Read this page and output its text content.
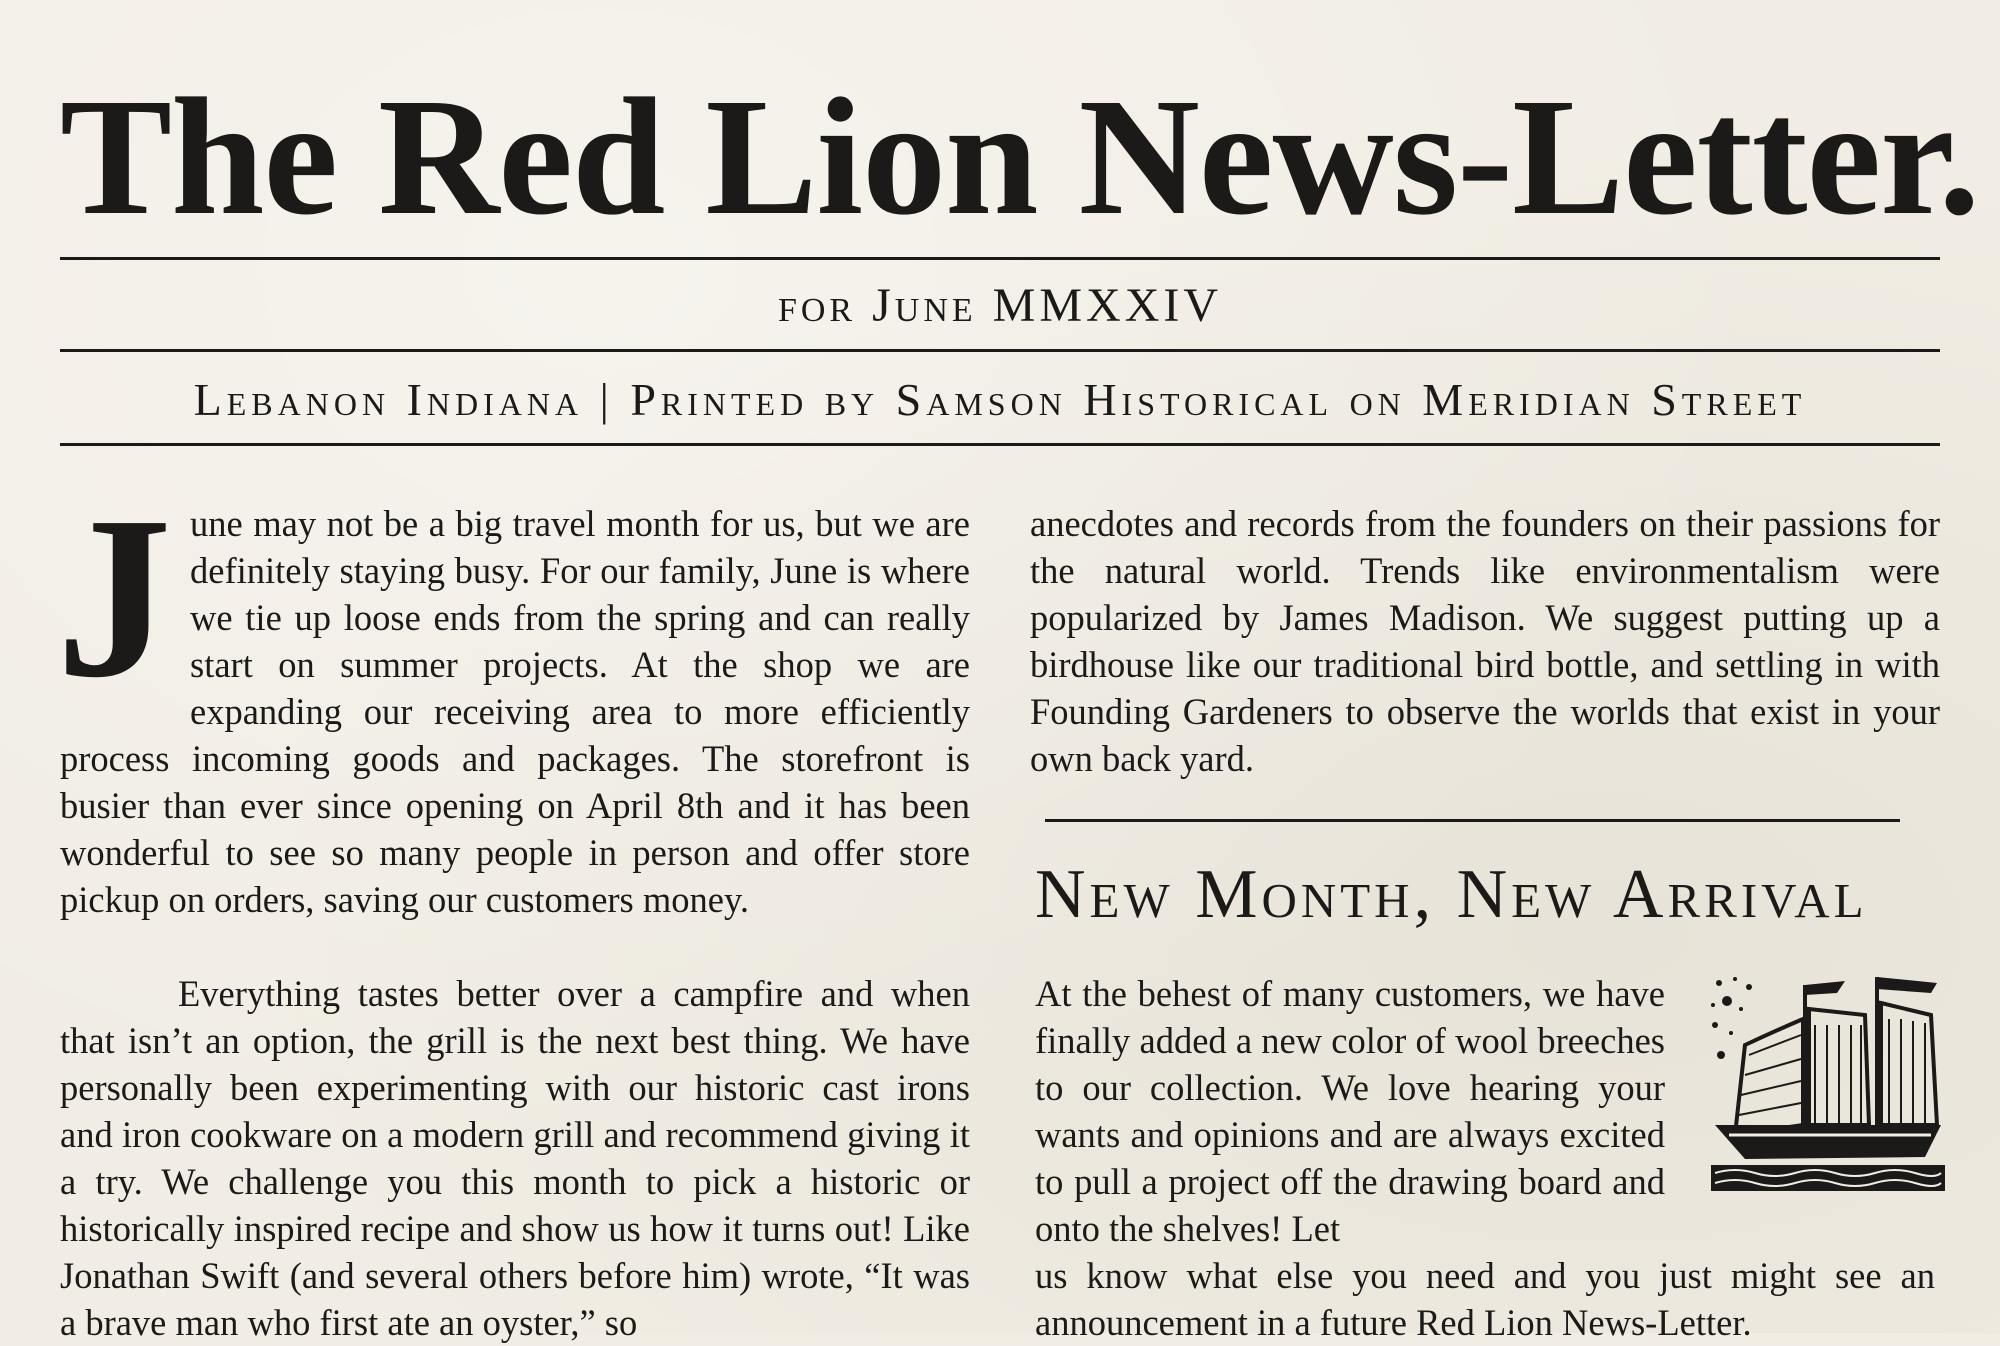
The Red Lion News-Letter.
for June MMXXIV
Lebanon Indiana | Printed by Samson Historical on Meridian Street

June may not be a big travel month for us, but we are definitely staying busy. For our family, June is where we tie up loose ends from the spring and can really start on summer projects. At the shop we are expanding our receiving area to more efficiently process incoming goods and packages. The storefront is busier than ever since opening on April 8th and it has been wonderful to see so many people in person and offer store pickup on orders, saving our customers money.

Everything tastes better over a campfire and when that isn’t an option, the grill is the next best thing. We have personally been experimenting with our historic cast irons and iron cookware on a modern grill and recommend giving it a try. We challenge you this month to pick a historic or historically inspired recipe and show us how it turns out! Like Jonathan Swift (and several others before him) wrote, “It was a brave man who first ate an oyster,” so

anecdotes and records from the founders on their passions for the natural world. Trends like environmentalism were popularized by James Madison. We suggest putting up a birdhouse like our traditional bird bottle, and settling in with Founding Gardeners to observe the worlds that exist in your own back yard.

New Month, New Arrival

At the behest of many customers, we have finally added a new color of wool breeches to our collection. We love hearing your wants and opinions and are always excited to pull a project off the drawing board and onto the shelves! Let

us know what else you need and you just might see an announcement in a future Red Lion News-Letter.
